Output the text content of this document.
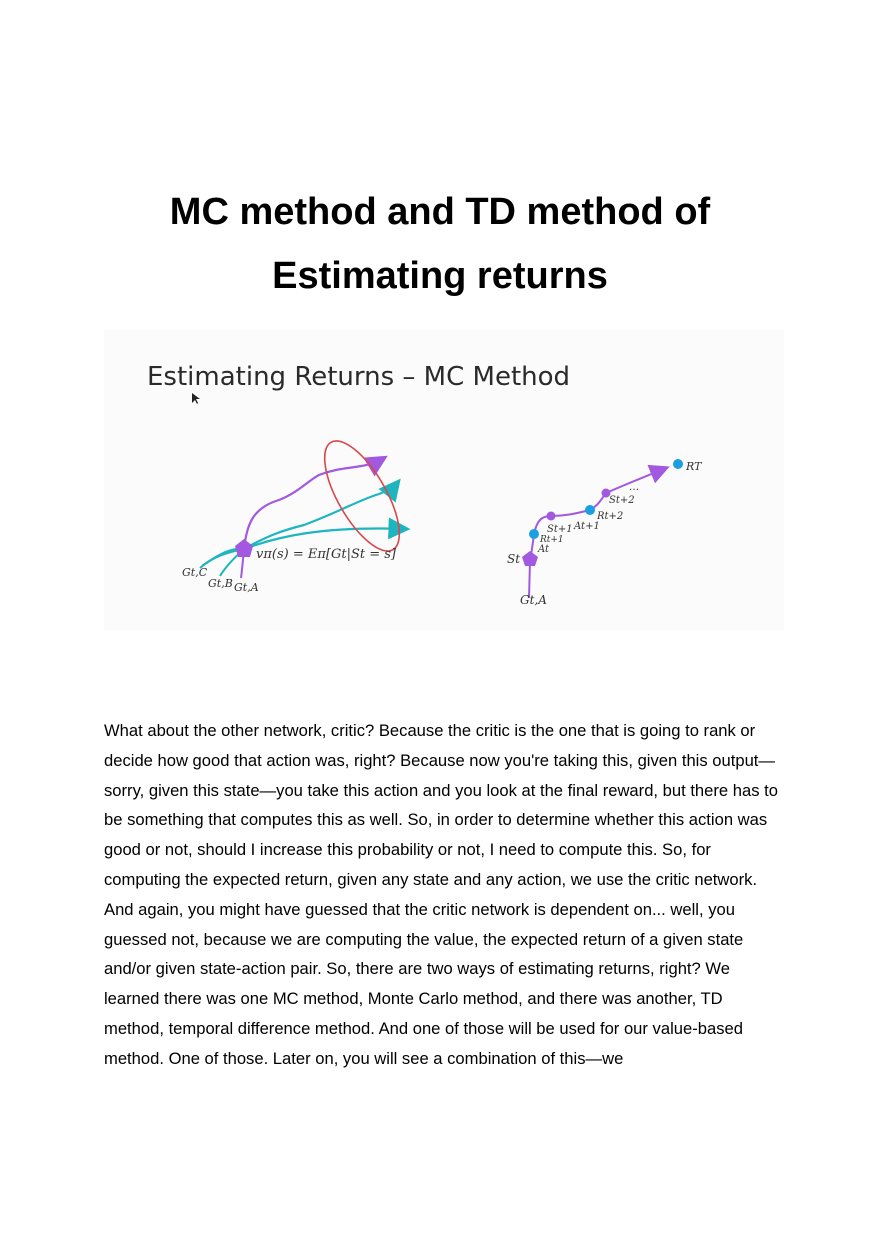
MC method and TD method of
Estimating returns
Estimating Returns – MC Method
vπ(s) = Eπ[Gt|St = s]
Gt,C
Gt,B Gt,A
RT
…
St+2
Rt+2
At+1
St+1
Rt+1
At
St
Gt,A

What about the other network, critic? Because the critic is the one that is going to rank or decide how good that action was, right? Because now you're taking this, given this output—sorry, given this state—you take this action and you look at the final reward, but there has to be something that computes this as well. So, in order to determine whether this action was good or not, should I increase this probability or not, I need to compute this. So, for computing the expected return, given any state and any action, we use the critic network. And again, you might have guessed that the critic network is dependent on... well, you guessed not, because we are computing the value, the expected return of a given state and/or given state-action pair. So, there are two ways of estimating returns, right? We learned there was one MC method, Monte Carlo method, and there was another, TD method, temporal difference method. And one of those will be used for our value-based method. One of those. Later on, you will see a combination of this—we
